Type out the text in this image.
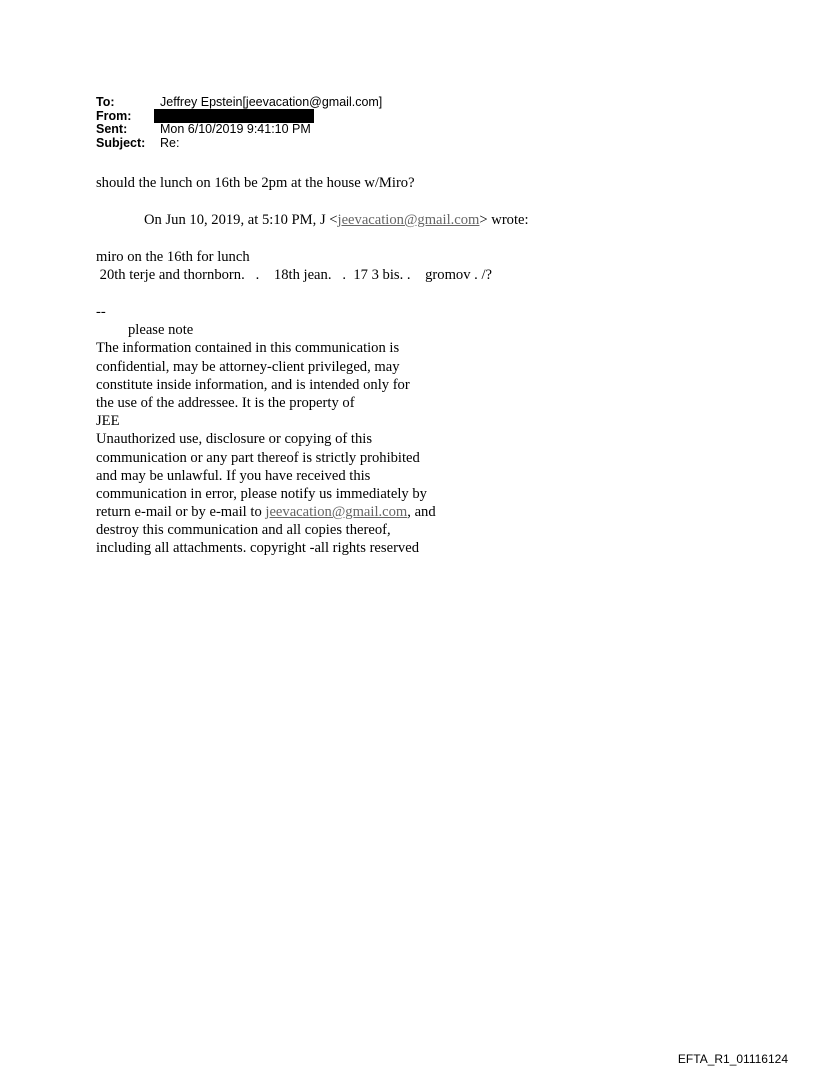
To:	Jeffrey Epstein[jeevacation@gmail.com]
From:
Sent:	Mon 6/10/2019 9:41:10 PM
Subject:	Re:
should the lunch on 16th be 2pm at the house w/Miro?
On Jun 10, 2019, at 5:10 PM, J <jeevacation@gmail.com> wrote:
miro on the 16th for lunch
20th terje and thornborn.   .    18th jean.   .  17 3 bis. .    gromov . /?
--
please note
The information contained in this communication is
confidential, may be attorney-client privileged, may
constitute inside information, and is intended only for
the use of the addressee. It is the property of
JEE
Unauthorized use, disclosure or copying of this
communication or any part thereof is strictly prohibited
and may be unlawful. If you have received this
communication in error, please notify us immediately by
return e-mail or by e-mail to jeevacation@gmail.com, and
destroy this communication and all copies thereof,
including all attachments. copyright -all rights reserved
EFTA_R1_01116124
